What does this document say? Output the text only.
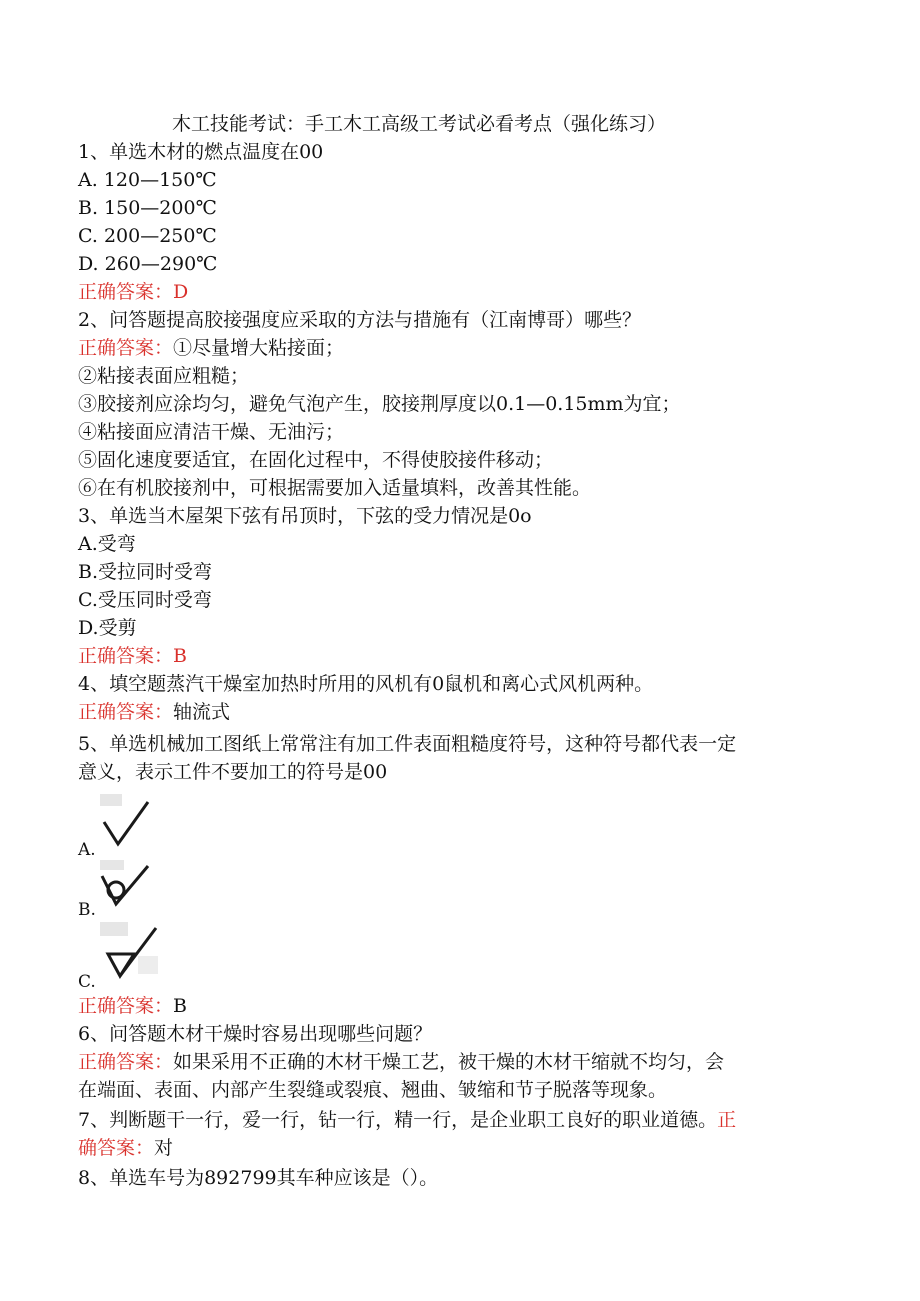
木工技能考试：手工木工高级工考试必看考点（强化练习）
1、单选木材的燃点温度在00
A. 120—150℃
B. 150—200℃
C. 200—250℃
D. 260—290℃
正确答案：D
2、问答题提高胶接强度应采取的方法与措施有（江南博哥）哪些？
正确答案：①尽量增大粘接面；
②粘接表面应粗糙；
③胶接剂应涂均匀，避免气泡产生，胶接荆厚度以0.1—0.15mm为宜；
④粘接面应清洁干燥、无油污；
⑤固化速度要适宜，在固化过程中，不得使胶接件移动；
⑥在有机胶接剂中，可根据需要加入适量填料，改善其性能。
3、单选当木屋架下弦有吊顶时，下弦的受力情况是0o
A.受弯
B.受拉同时受弯
C.受压同时受弯
D.受剪
正确答案：B
4、填空题蒸汽干燥室加热时所用的风机有0鼠机和离心式风机两种。
正确答案：轴流式
5、单选机械加工图纸上常常注有加工件表面粗糙度符号，这种符号都代表一定
意义，表示工件不要加工的符号是00
A.
B.
C.
正确答案：B
6、问答题木材干燥时容易出现哪些问题？
正确答案：如果采用不正确的木材干燥工艺，被干燥的木材干缩就不均匀，会
在端面、表面、内部产生裂缝或裂痕、翘曲、皱缩和节子脱落等现象。
7、判断题干一行，爱一行，钻一行，精一行，是企业职工良好的职业道德。正
确答案：对
8、单选车号为892799其车种应该是（）。
